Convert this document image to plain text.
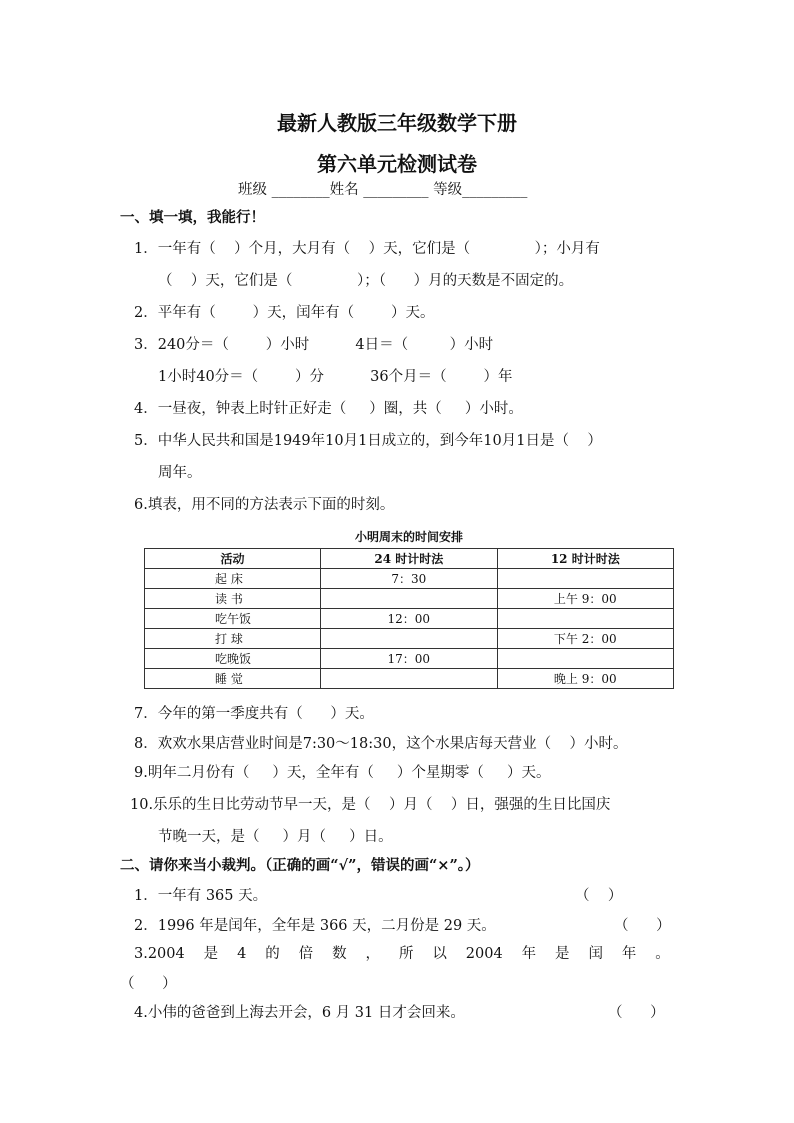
最新人教版三年级数学下册
第六单元检测试卷
班级 ________姓名 _________ 等级_________
一、填一填，我能行！
1．一年有（    ）个月，大月有（    ）天，它们是（              ）；小月有
（    ）天，它们是（              ）；（      ）月的天数是不固定的。
2．平年有（        ）天，闰年有（        ）天。
3．240分＝（        ）小时          4日＝（         ）小时
1小时40分＝（        ）分          36个月＝（        ）年
4．一昼夜，钟表上时针正好走（     ）圈，共（     ）小时。
5．中华人民共和国是1949年10月1日成立的，到今年10月1日是（    ）
周年。
6.填表，用不同的方法表示下面的时刻。
小明周末的时间安排
活动	24 时计时法	12 时计时法
起 床	7：30	
读 书		上午 9：00
吃午饭	12：00	
打 球		下午 2：00
吃晚饭	17：00	
睡 觉		晚上 9：00
7．今年的第一季度共有（      ）天。
8．欢欢水果店营业时间是7:30～18:30，这个水果店每天营业（    ）小时。
9.明年二月份有（     ）天，全年有（     ）个星期零（     ）天。
10.乐乐的生日比劳动节早一天，是（    ）月（    ）日，强强的生日比国庆
节晚一天，是（     ）月（     ）日。
二、请你来当小裁判。（正确的画“√”，错误的画“×”。）
1．一年有 365 天。	（    ）
2．1996 年是闰年，全年是 366 天，二月份是 29 天。	（      ）
3.2004 是 4 的 倍 数 ， 所 以 2004 年 是 闰 年 。
（      ）
4.小伟的爸爸到上海去开会，6 月 31 日才会回来。	（      ）
